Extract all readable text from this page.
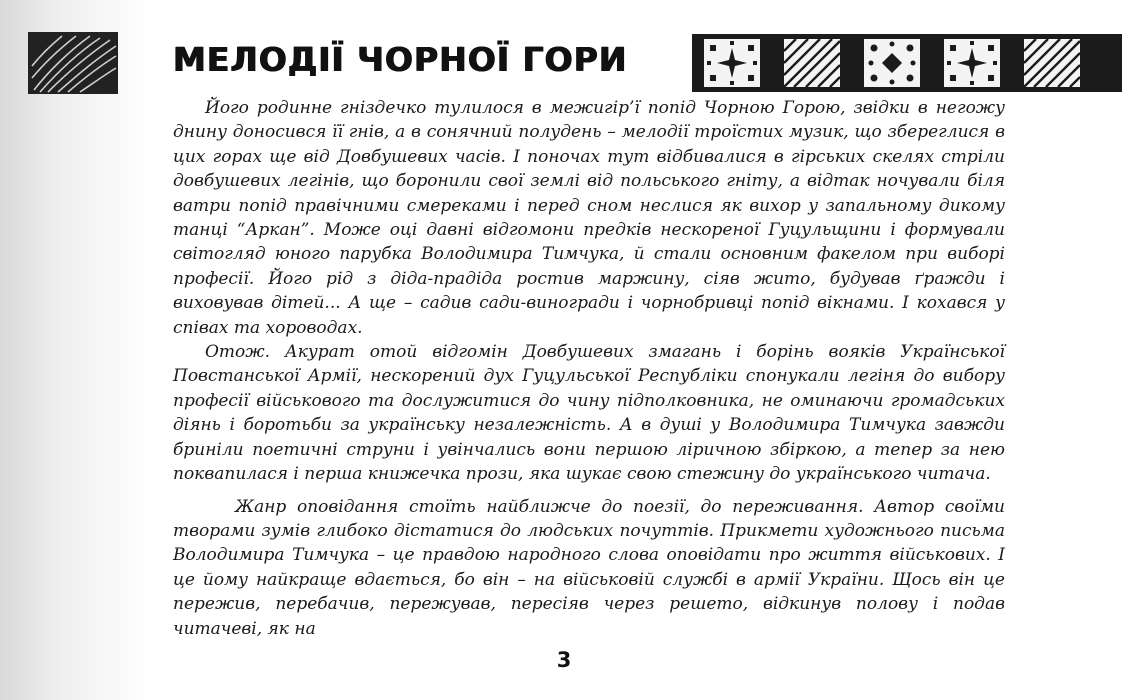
МЕЛОДІЇ ЧОРНОЇ ГОРИ

Його родинне гніздечко тулилося в межигір’ї попід Чорною Горою, звідки в негожу днину доносився її гнів, а в сонячний полудень – мелодії троїстих музик, що збереглися в цих горах ще від Довбушевих часів. І поночах тут відбивалися в гірських скелях стріли довбушевих легінів, що боронили свої землі від польського гніту, а відтак ночували біля ватри попід правічними смереками і перед сном неслися як вихор у запальному дикому танці “Аркан”. Може оці давні відгомони предків нескореної Гуцульщини і формували світогляд юного парубка Володимира Тимчука, й стали основним факелом при виборі професії. Його рід з діда-прадіда ростив маржину, сіяв жито, будував ґражди і виховував дітей... А ще – садив сади-виногради і чорнобривці попід вікнами. І кохався у співах та хороводах.

Отож. Акурат отой відгомін Довбушевих змагань і борінь вояків Української Повстанської Армії, нескорений дух Гуцульської Республіки спонукали легіня до вибору професії військового та дослужитися до чину підполковника, не оминаючи громадських діянь і боротьби за українську незалежність. А в душі у Володимира Тимчука завжди бриніли поетичні струни і увінчались вони першою ліричною збіркою, а тепер за нею поквапилася і перша книжечка прози, яка шукає свою стежину до українського читача.

Жанр оповідання стоїть найближче до поезії, до переживання. Автор своїми творами зумів глибоко дістатися до людських почуттів. Прикмети художнього письма Володимира Тимчука – це правдою народного слова оповідати про життя військових. І це йому найкраще вдається, бо він – на військовій службі в армії України. Щось він це пережив, перебачив, пережував, пересіяв через решето, відкинув полову і подав читачеві, як на

3
